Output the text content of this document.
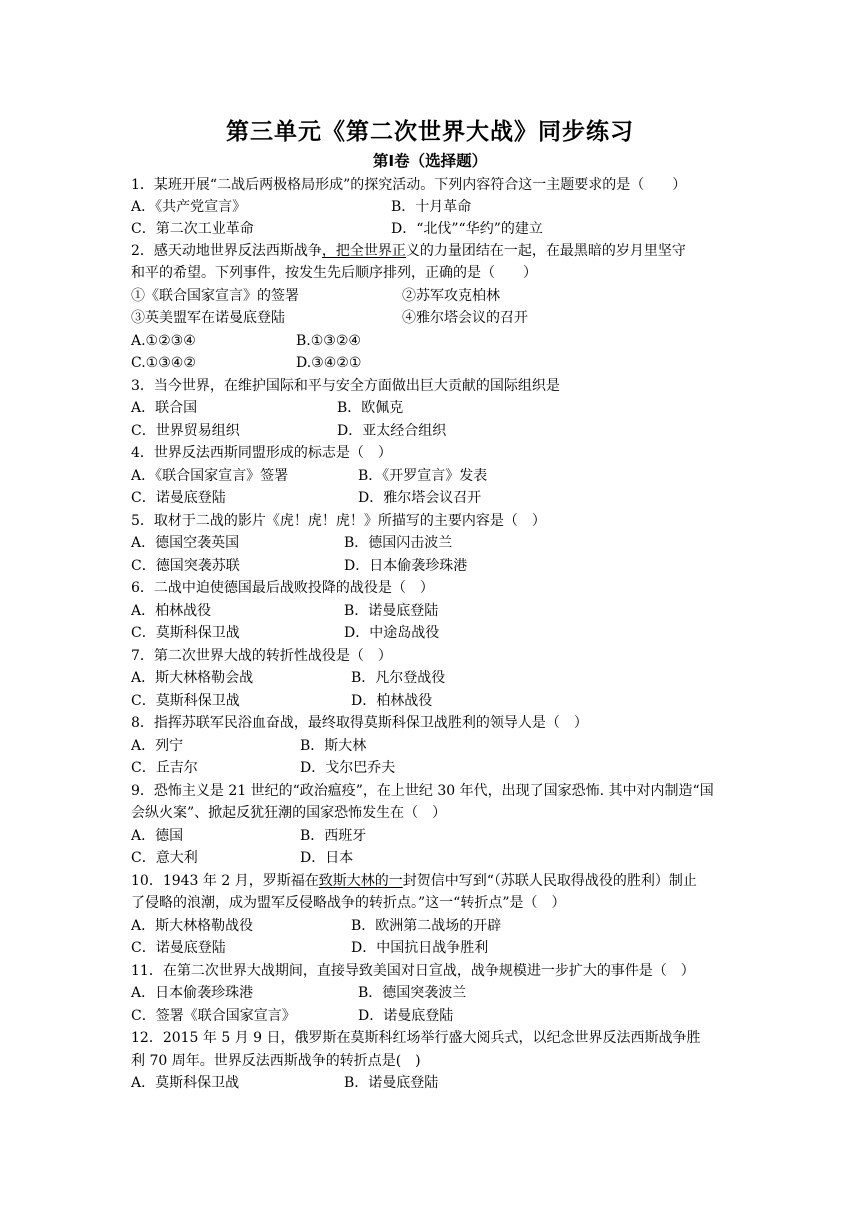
第三单元《第二次世界大战》同步练习
第Ⅰ卷（选择题）
1．某班开展“二战后两极格局形成”的探究活动。下列内容符合这一主题要求的是（　　）
A．《共产党宣言》	B．十月革命
C．第二次工业革命	D．“北伐”“华约”的建立
2．感天动地世界反法西斯战争，把全世界正义的力量团结在一起，在最黑暗的岁月里坚守
和平的希望。下列事件，按发生先后顺序排列，正确的是（　　）
①《联合国家宣言》的签署	②苏军攻克柏林
③英美盟军在诺曼底登陆	④雅尔塔会议的召开
A.①②③④	B.①③②④
C.①③④②	D.③④②①
3．当今世界，在维护国际和平与安全方面做出巨大贡献的国际组织是
A．联合国	B．欧佩克
C．世界贸易组织	D．亚太经合组织
4．世界反法西斯同盟形成的标志是（　）
A．《联合国家宣言》签署	B．《开罗宣言》发表
C．诺曼底登陆	D．雅尔塔会议召开
5．取材于二战的影片《虎！虎！虎！》所描写的主要内容是（　）
A．德国空袭英国	B．德国闪击波兰
C．德国突袭苏联	D．日本偷袭珍珠港
6．二战中迫使德国最后战败投降的战役是（　）
A．柏林战役	B．诺曼底登陆
C．莫斯科保卫战	D．中途岛战役
7．第二次世界大战的转折性战役是（　）
A．斯大林格勒会战	B．凡尔登战役
C．莫斯科保卫战	D．柏林战役
8．指挥苏联军民浴血奋战，最终取得莫斯科保卫战胜利的领导人是（　）
A．列宁	B．斯大林
C．丘吉尔	D．戈尔巴乔夫
9．恐怖主义是 21 世纪的“政治瘟疫”，在上世纪 30 年代，出现了国家恐怖. 其中对内制造“国
会纵火案”、掀起反犹狂潮的国家恐怖发生在（　）
A．德国	B．西班牙
C．意大利	D．日本
10．1943 年 2 月，罗斯福在致斯大林的一封贺信中写到“（苏联人民取得战役的胜利）制止
了侵略的浪潮，成为盟军反侵略战争的转折点。”这一“转折点”是（　）
A．斯大林格勒战役	B．欧洲第二战场的开辟
C．诺曼底登陆	D．中国抗日战争胜利
11．在第二次世界大战期间，直接导致美国对日宣战，战争规模进一步扩大的事件是（　）
A．日本偷袭珍珠港	B．德国突袭波兰
C．签署《联合国家宣言》	D．诺曼底登陆
12．2015 年 5 月 9 日，俄罗斯在莫斯科红场举行盛大阅兵式，以纪念世界反法西斯战争胜
利 70 周年。世界反法西斯战争的转折点是(　)
A．莫斯科保卫战	B．诺曼底登陆
